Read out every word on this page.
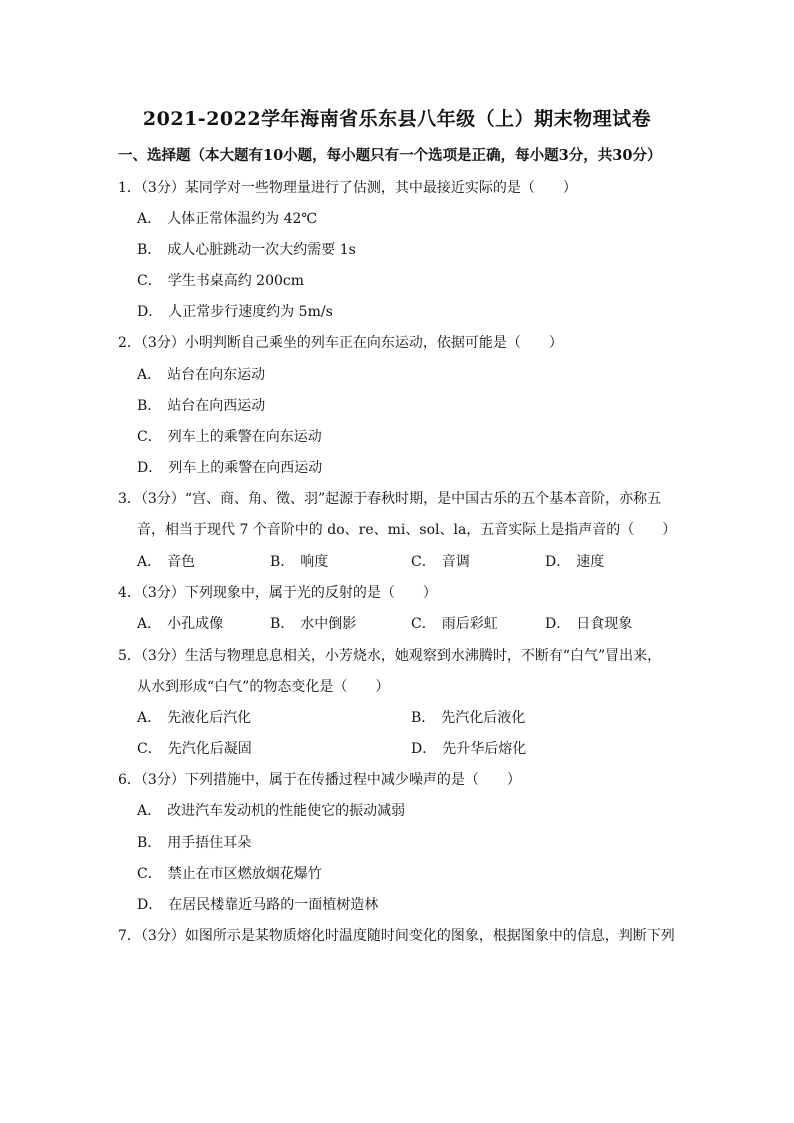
2021-2022学年海南省乐东县八年级（上）期末物理试卷
一、选择题（本大题有10小题，每小题只有一个选项是正确，每小题3分，共30分）
1．（3分）某同学对一些物理量进行了估测，其中最接近实际的是（　　）
A． 人体正常体温约为 42℃
B． 成人心脏跳动一次大约需要 1s
C． 学生书桌高约 200cm
D． 人正常步行速度约为 5m/s
2．（3分）小明判断自己乘坐的列车正在向东运动，依据可能是（　　）
A． 站台在向东运动
B． 站台在向西运动
C． 列车上的乘警在向东运动
D． 列车上的乘警在向西运动
3．（3分）“宫、商、角、徵、羽”起源于春秋时期，是中国古乐的五个基本音阶，亦称五
音，相当于现代 7 个音阶中的 do、re、mi、sol、la，五音实际上是指声音的（　　）
A． 音色	B． 响度	C． 音调	D． 速度
4．（3分）下列现象中，属于光的反射的是（　　）
A． 小孔成像	B． 水中倒影	C． 雨后彩虹	D． 日食现象
5．（3分）生活与物理息息相关，小芳烧水，她观察到水沸腾时，不断有“白气”冒出来，
从水到形成“白气”的物态变化是（　　）
A． 先液化后汽化	B． 先汽化后液化
C． 先汽化后凝固	D． 先升华后熔化
6．（3分）下列措施中，属于在传播过程中减少噪声的是（　　）
A． 改进汽车发动机的性能使它的振动减弱
B． 用手捂住耳朵
C． 禁止在市区燃放烟花爆竹
D． 在居民楼靠近马路的一面植树造林
7．（3分）如图所示是某物质熔化时温度随时间变化的图象，根据图象中的信息，判断下列
